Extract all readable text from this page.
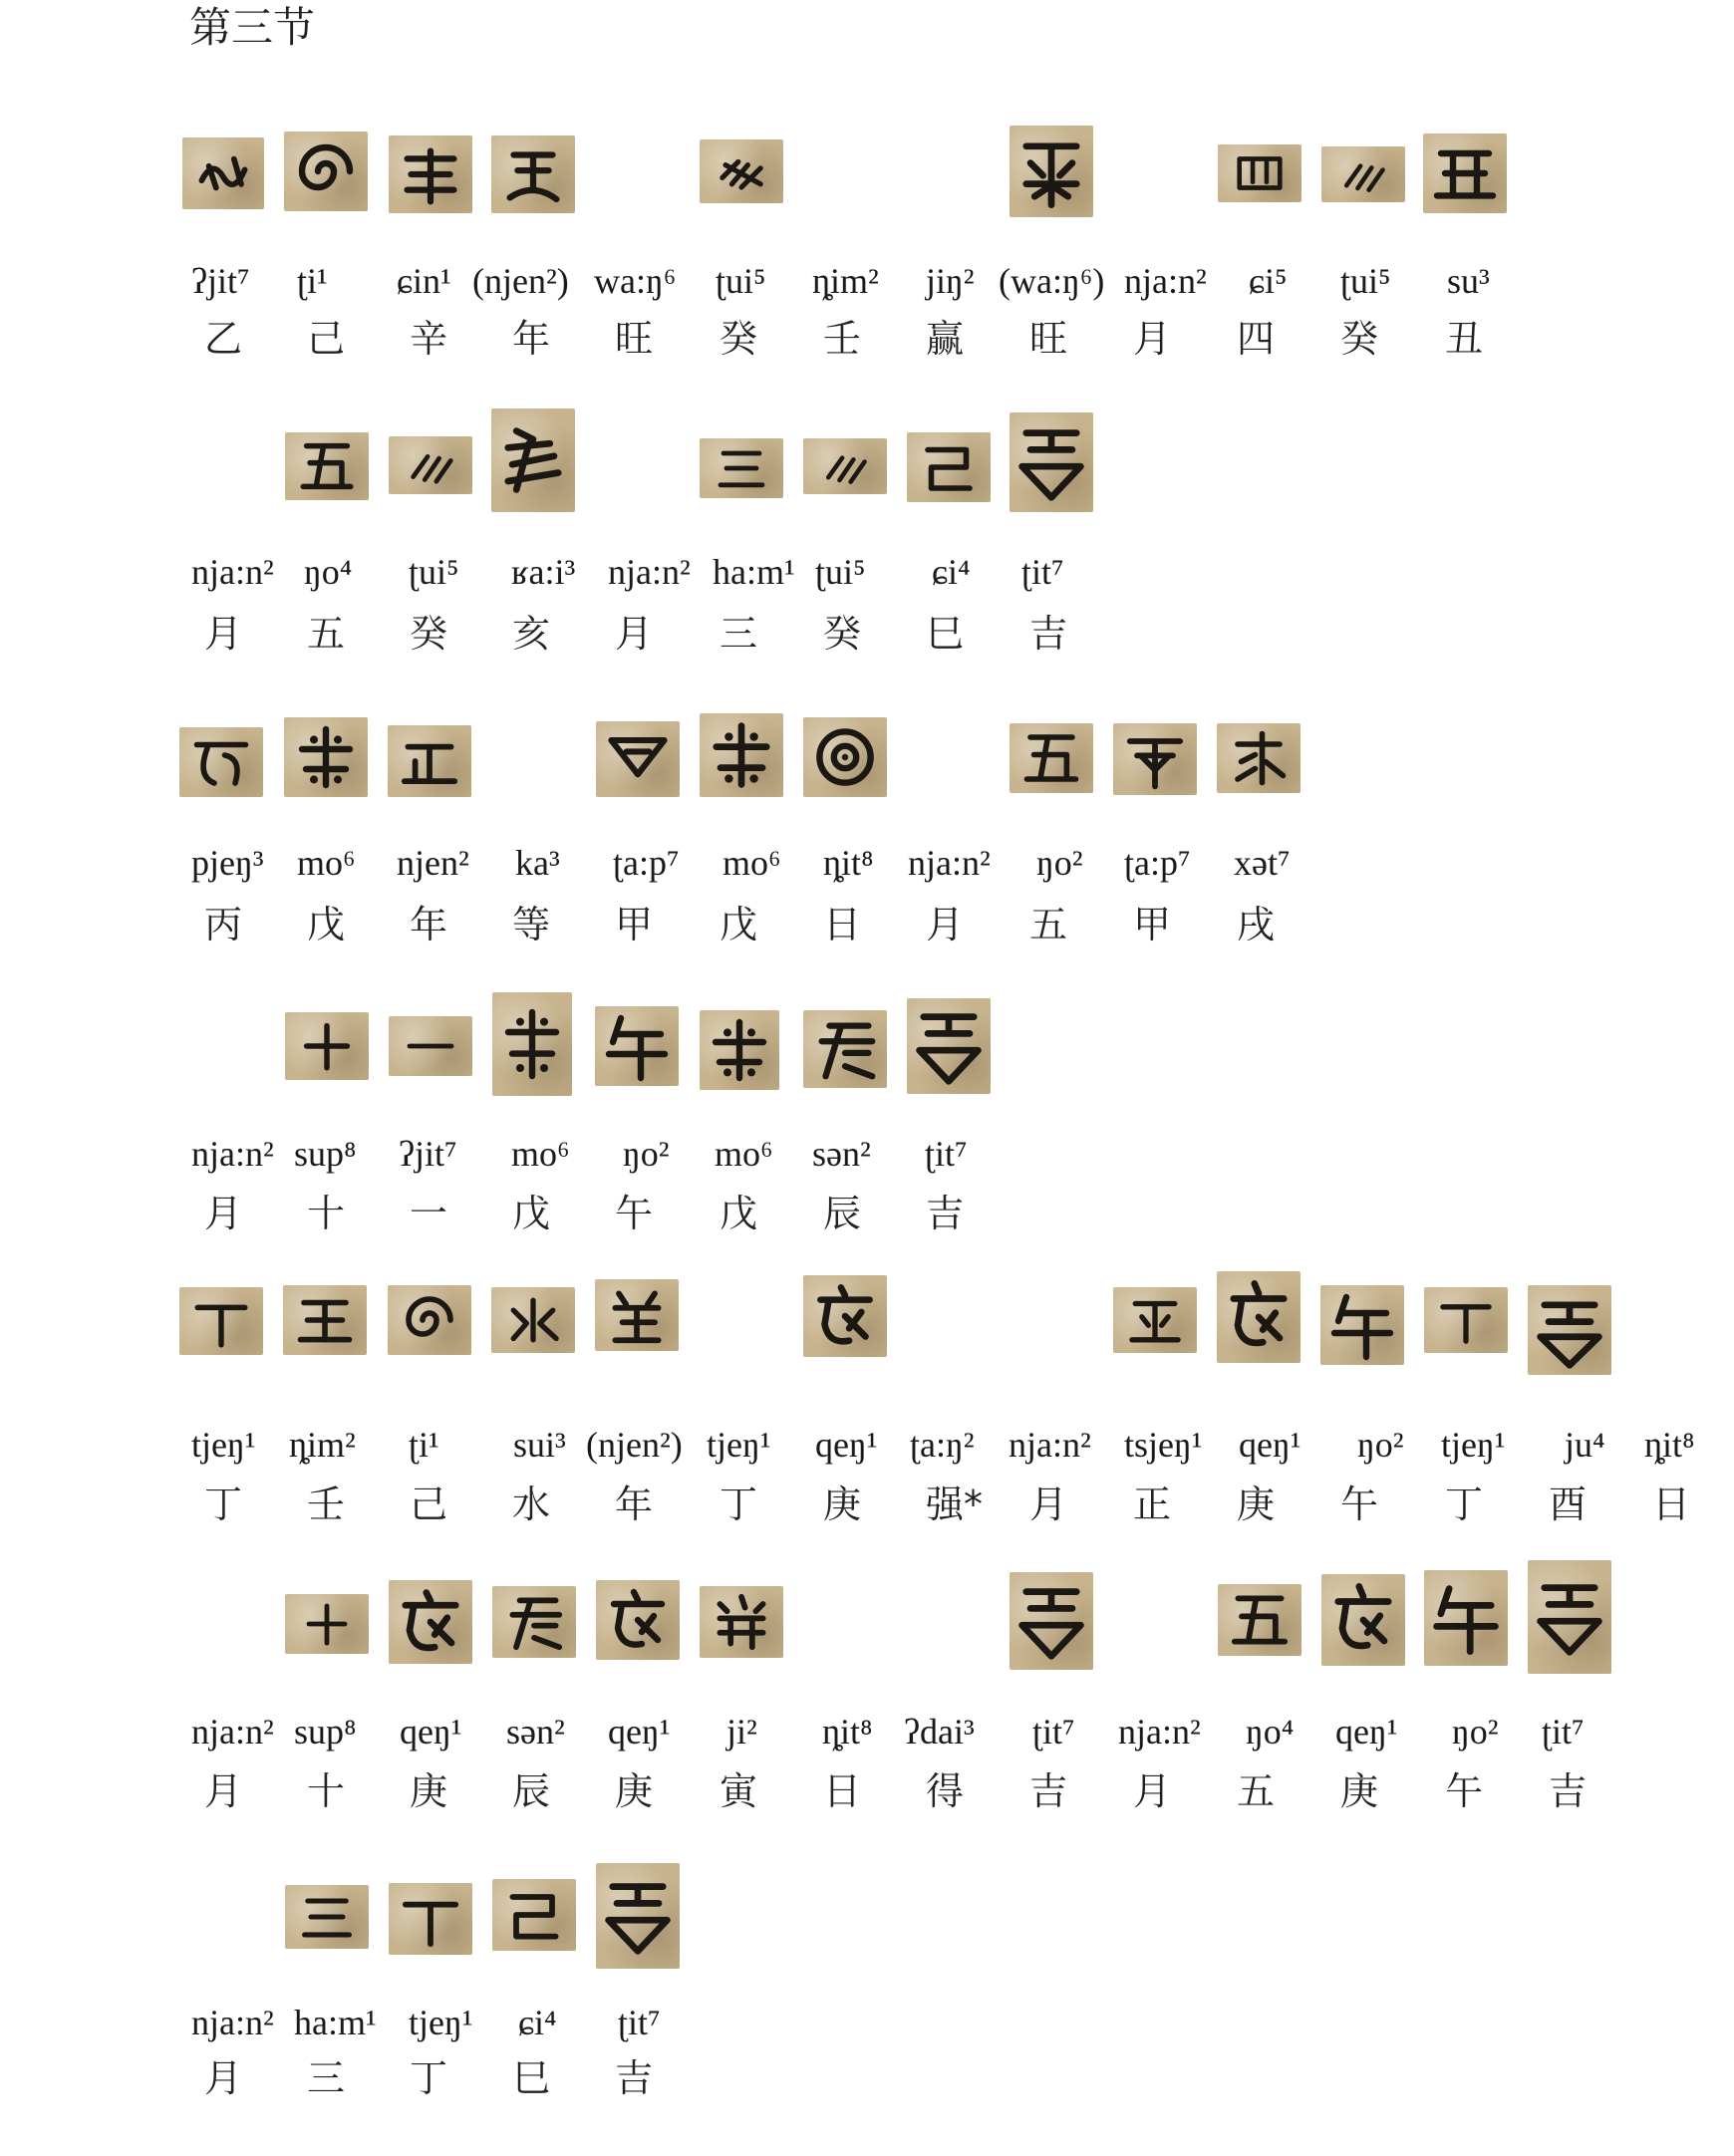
第三节
ʔjit⁷ ʈi¹ ɕin¹ (njen²) wa:ŋ⁶ ʈui⁵ ȵim² jiŋ² (wa:ŋ⁶) nja:n² ɕi⁵ ʈui⁵ su³
乙 己 辛 年 旺 癸 壬 赢 旺 月 四 癸 丑
nja:n² ŋo⁴ ʈui⁵ ʁa:i³ nja:n² ha:m¹ ʈui⁵ ɕi⁴ ʈit⁷
月 五 癸 亥 月 三 癸 巳 吉
pjeŋ³ mo⁶ njen² ka³ ʈa:p⁷ mo⁶ ȵit⁸ nja:n² ŋo² ʈa:p⁷ xət⁷
丙 戊 年 等 甲 戊 日 月 五 甲 戌
nja:n² sup⁸ ʔjit⁷ mo⁶ ŋo² mo⁶ sən² ʈit⁷
月 十 一 戊 午 戊 辰 吉
tjeŋ¹ ȵim² ʈi¹ sui³ (njen²) tjeŋ¹ qeŋ¹ ʈa:ŋ² nja:n² tsjeŋ¹ qeŋ¹ ŋo² tjeŋ¹ ju⁴ ȵit⁸
丁 壬 己 水 年 丁 庚 强* 月 正 庚 午 丁 酉 日
nja:n² sup⁸ qeŋ¹ sən² qeŋ¹ ji² ȵit⁸ ʔdai³ ʈit⁷ nja:n² ŋo⁴ qeŋ¹ ŋo² ʈit⁷
月 十 庚 辰 庚 寅 日 得 吉 月 五 庚 午 吉
nja:n² ha:m¹ tjeŋ¹ ɕi⁴ ʈit⁷
月 三 丁 巳 吉
